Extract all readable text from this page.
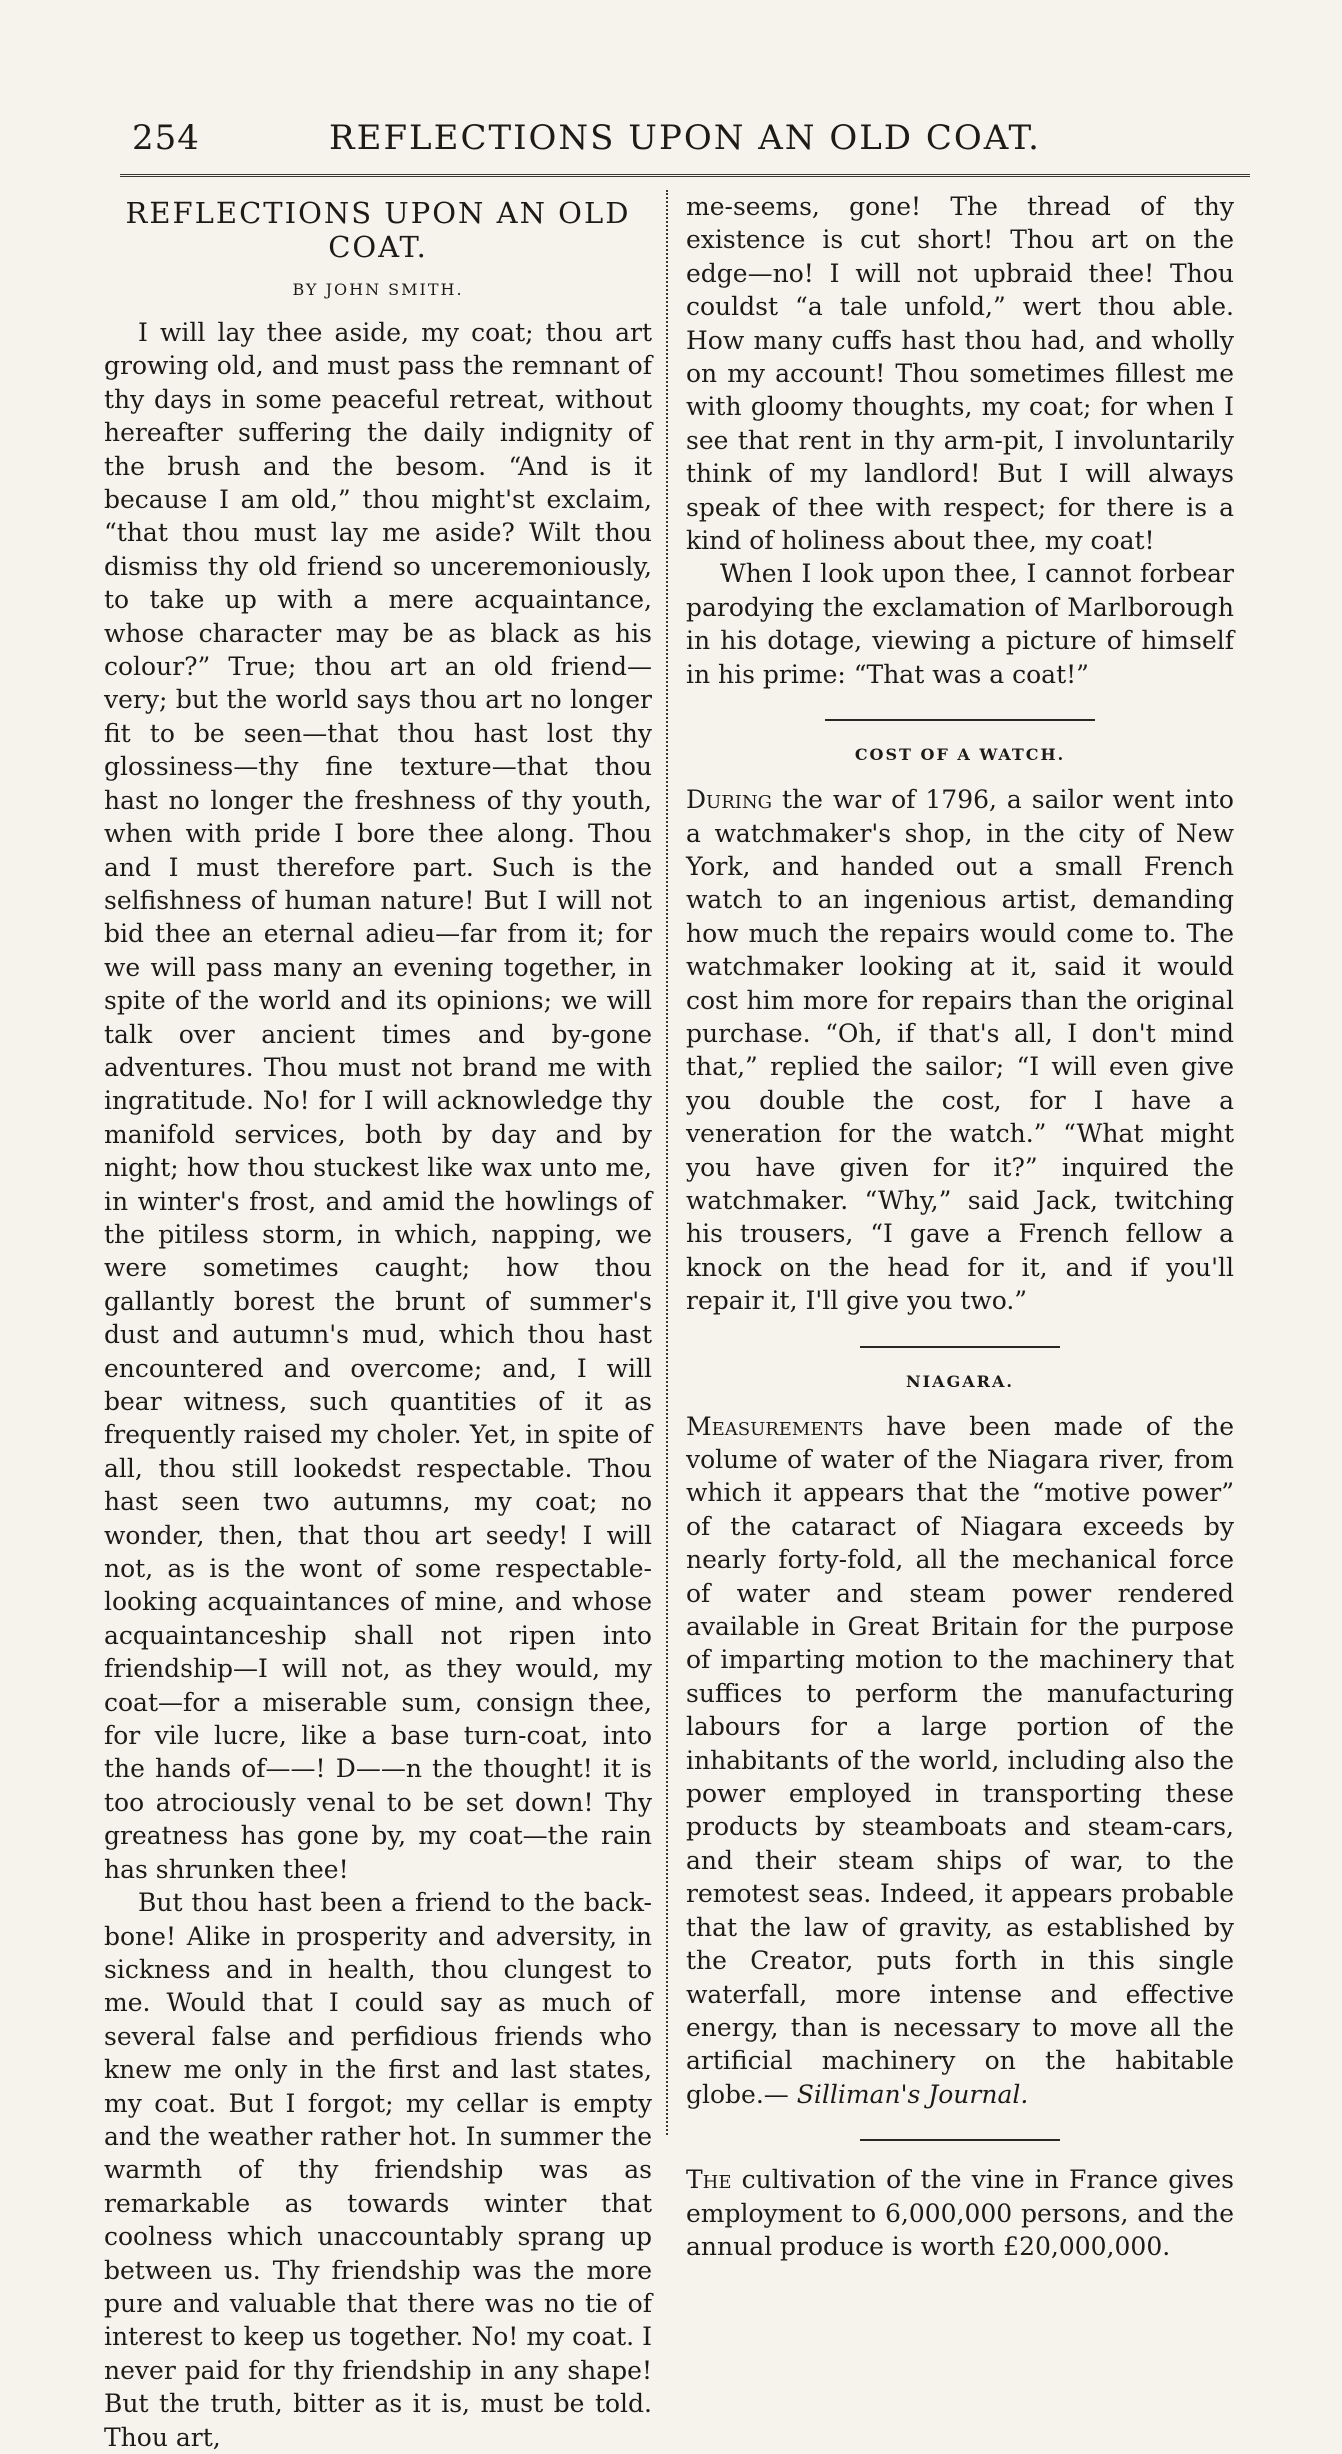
254	REFLECTIONS UPON AN OLD COAT.
REFLECTIONS UPON AN OLD COAT.
BY JOHN SMITH.

I will lay thee aside, my coat; thou art growing old, and must pass the remnant of thy days in some peaceful retreat, without hereafter suffering the daily indignity of the brush and the besom. “And is it because I am old,” thou might'st exclaim, “that thou must lay me aside? Wilt thou dismiss thy old friend so unceremoniously, to take up with a mere acquaintance, whose character may be as black as his colour?” True; thou art an old friend—very; but the world says thou art no longer fit to be seen—that thou hast lost thy glossiness—thy fine texture—that thou hast no longer the freshness of thy youth, when with pride I bore thee along. Thou and I must therefore part. Such is the selfishness of human nature! But I will not bid thee an eternal adieu—far from it; for we will pass many an evening together, in spite of the world and its opinions; we will talk over ancient times and by-gone adventures. Thou must not brand me with ingratitude. No! for I will acknowledge thy manifold services, both by day and by night; how thou stuckest like wax unto me, in winter's frost, and amid the howlings of the pitiless storm, in which, napping, we were sometimes caught; how thou gallantly borest the brunt of summer's dust and autumn's mud, which thou hast encountered and overcome; and, I will bear witness, such quantities of it as frequently raised my choler. Yet, in spite of all, thou still lookedst respectable. Thou hast seen two autumns, my coat; no wonder, then, that thou art seedy! I will not, as is the wont of some respectable-looking acquaintances of mine, and whose acquaintanceship shall not ripen into friendship—I will not, as they would, my coat—for a miserable sum, consign thee, for vile lucre, like a base turn-coat, into the hands of——! D——n the thought! it is too atrociously venal to be set down! Thy greatness has gone by, my coat—the rain has shrunken thee!

But thou hast been a friend to the back-bone! Alike in prosperity and adversity, in sickness and in health, thou clungest to me. Would that I could say as much of several false and perfidious friends who knew me only in the first and last states, my coat. But I forgot; my cellar is empty and the weather rather hot. In summer the warmth of thy friendship was as remarkable as towards winter that coolness which unaccountably sprang up between us. Thy friendship was the more pure and valuable that there was no tie of interest to keep us together. No! my coat. I never paid for thy friendship in any shape! But the truth, bitter as it is, must be told. Thou art,

me-seems, gone! The thread of thy existence is cut short! Thou art on the edge—no! I will not upbraid thee! Thou couldst “a tale unfold,” wert thou able. How many cuffs hast thou had, and wholly on my account! Thou sometimes fillest me with gloomy thoughts, my coat; for when I see that rent in thy arm-pit, I involuntarily think of my landlord! But I will always speak of thee with respect; for there is a kind of holiness about thee, my coat!

When I look upon thee, I cannot forbear parodying the exclamation of Marlborough in his dotage, viewing a picture of himself in his prime: “That was a coat!”

COST OF A WATCH.

During the war of 1796, a sailor went into a watchmaker's shop, in the city of New York, and handed out a small French watch to an ingenious artist, demanding how much the repairs would come to. The watchmaker looking at it, said it would cost him more for repairs than the original purchase. “Oh, if that's all, I don't mind that,” replied the sailor; “I will even give you double the cost, for I have a veneration for the watch.” “What might you have given for it?” inquired the watchmaker. “Why,” said Jack, twitching his trousers, “I gave a French fellow a knock on the head for it, and if you'll repair it, I'll give you two.”

NIAGARA.

Measurements have been made of the volume of water of the Niagara river, from which it appears that the “motive power” of the cataract of Niagara exceeds by nearly forty-fold, all the mechanical force of water and steam power rendered available in Great Britain for the purpose of imparting motion to the machinery that suffices to perform the manufacturing labours for a large portion of the inhabitants of the world, including also the power employed in transporting these products by steamboats and steam-cars, and their steam ships of war, to the remotest seas. Indeed, it appears probable that the law of gravity, as established by the Creator, puts forth in this single waterfall, more intense and effective energy, than is necessary to move all the artificial machinery on the habitable globe.— Silliman's Journal.

The cultivation of the vine in France gives employment to 6,000,000 persons, and the annual produce is worth £20,000,000.
